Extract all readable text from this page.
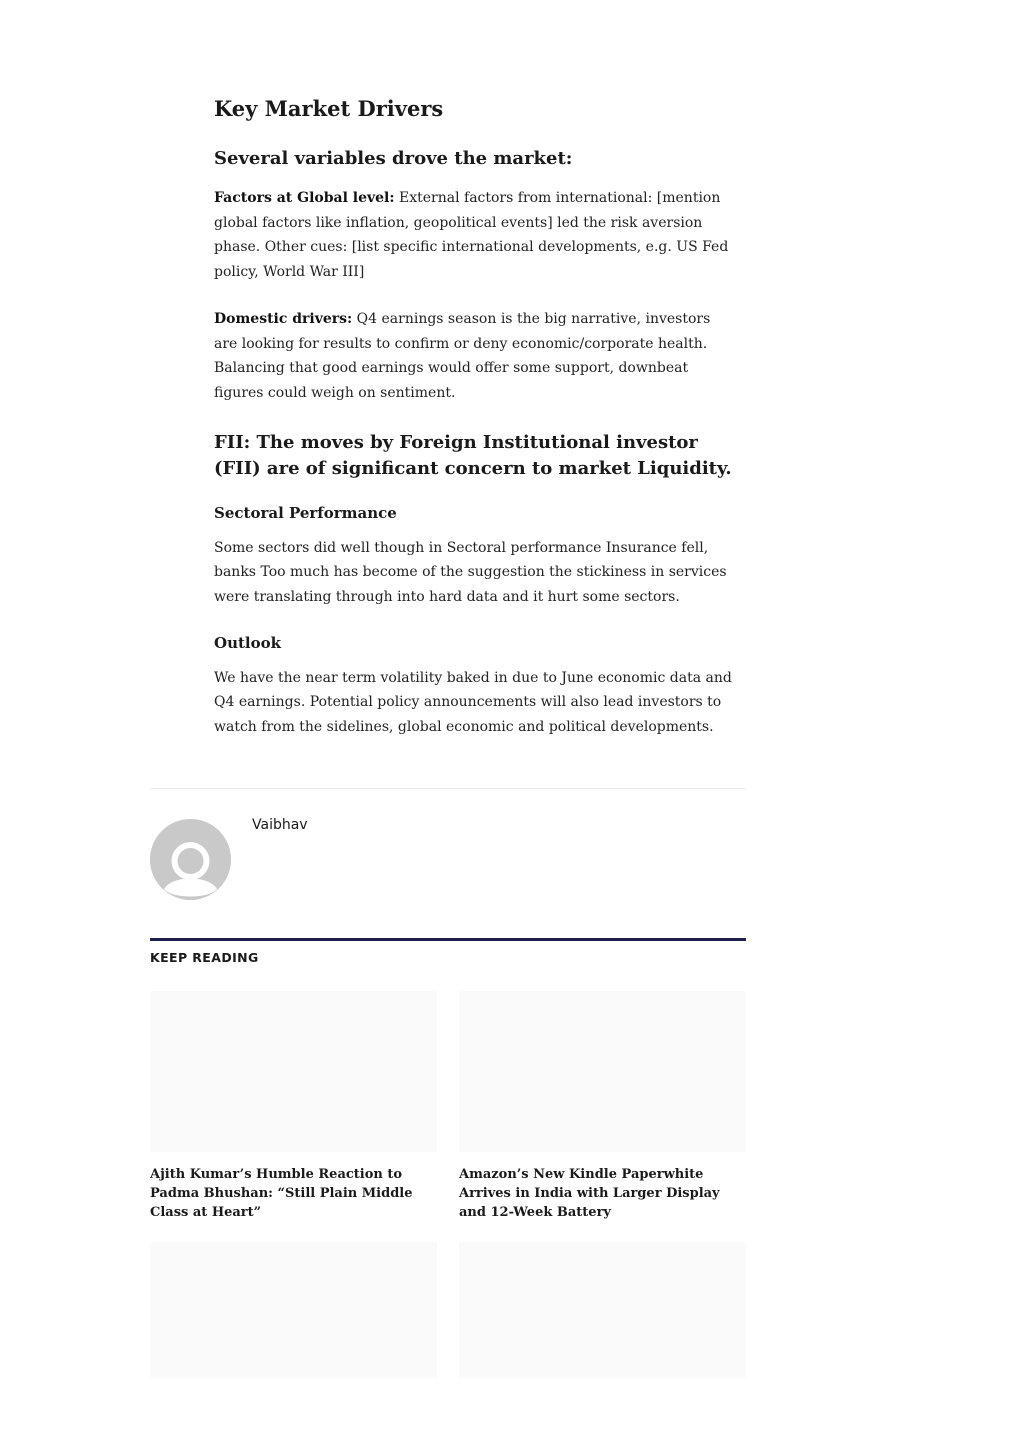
Key Market Drivers
Several variables drove the market:

Factors at Global level: External factors from international: [mention global factors like inflation, geopolitical events] led the risk aversion phase. Other cues: [list specific international developments, e.g. US Fed policy, World War III]

Domestic drivers: Q4 earnings season is the big narrative, investors are looking for results to confirm or deny economic/corporate health. Balancing that good earnings would offer some support, downbeat figures could weigh on sentiment.

FII: The moves by Foreign Institutional investor (FII) are of significant concern to market Liquidity.
Sectoral Performance

Some sectors did well though in Sectoral performance Insurance fell, banks Too much has become of the suggestion the stickiness in services were translating through into hard data and it hurt some sectors.

Outlook

We have the near term volatility baked in due to June economic data and Q4 earnings. Potential policy announcements will also lead investors to watch from the sidelines, global economic and political developments.

Vaibhav
KEEP READING

Ajith Kumar’s Humble Reaction to Padma Bhushan: “Still Plain Middle Class at Heart”

Amazon’s New Kindle Paperwhite Arrives in India with Larger Display and 12-Week Battery
